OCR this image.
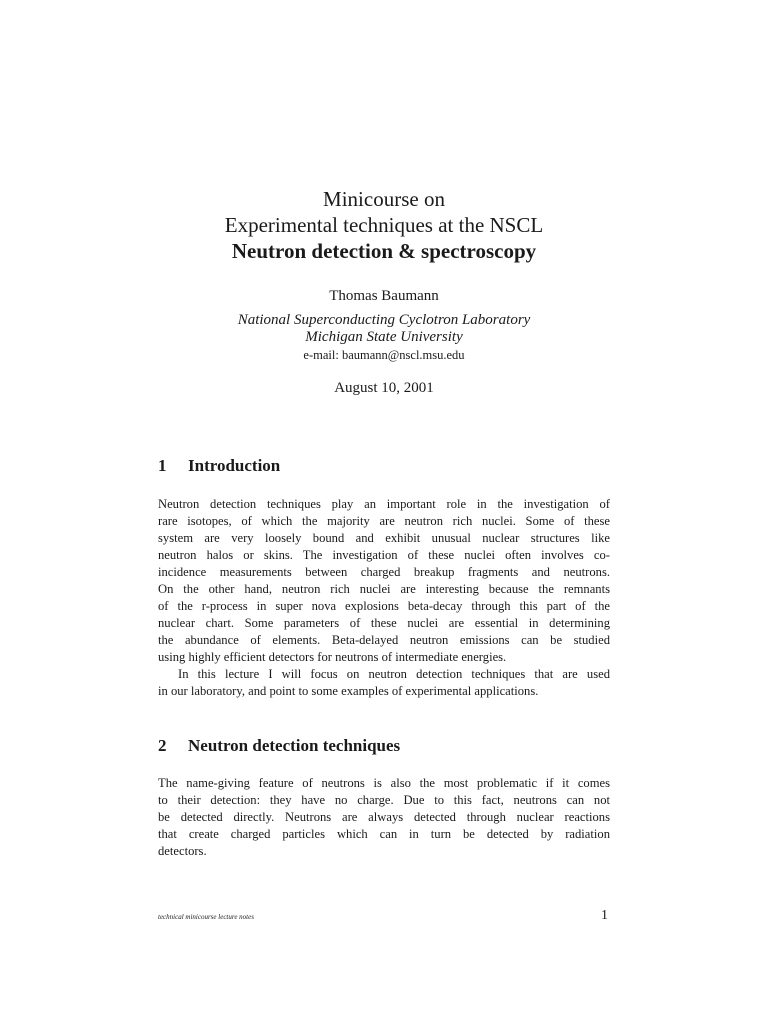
Minicourse on
Experimental techniques at the NSCL
Neutron detection & spectroscopy
Thomas Baumann
National Superconducting Cyclotron Laboratory
Michigan State University
e-mail: baumann@nscl.msu.edu
August 10, 2001
1 Introduction
Neutron detection techniques play an important role in the investigation of
rare isotopes, of which the majority are neutron rich nuclei. Some of these
system are very loosely bound and exhibit unusual nuclear structures like
neutron halos or skins. The investigation of these nuclei often involves co-
incidence measurements between charged breakup fragments and neutrons.
On the other hand, neutron rich nuclei are interesting because the remnants
of the r-process in super nova explosions beta-decay through this part of the
nuclear chart. Some parameters of these nuclei are essential in determining
the abundance of elements. Beta-delayed neutron emissions can be studied
using highly efficient detectors for neutrons of intermediate energies.
In this lecture I will focus on neutron detection techniques that are used
in our laboratory, and point to some examples of experimental applications.
2 Neutron detection techniques
The name-giving feature of neutrons is also the most problematic if it comes
to their detection: they have no charge. Due to this fact, neutrons can not
be detected directly. Neutrons are always detected through nuclear reactions
that create charged particles which can in turn be detected by radiation
detectors.
technical minicourse lecture notes	1
